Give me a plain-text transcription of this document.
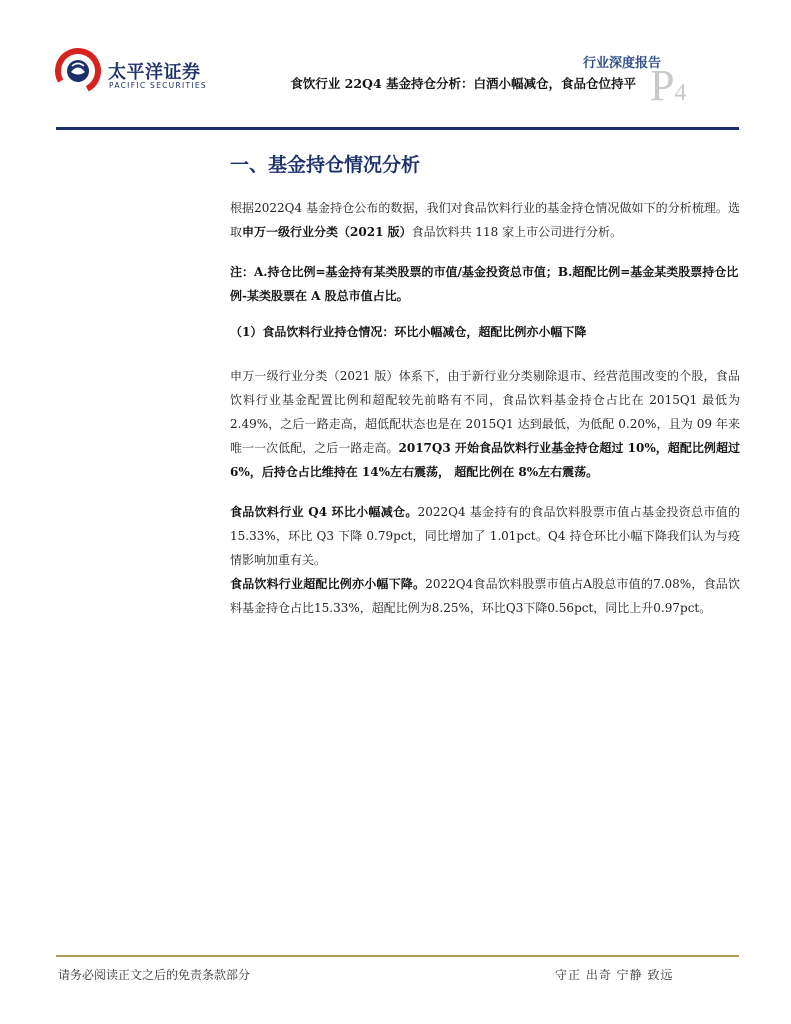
太平洋证券
PACIFIC SECURITIES
行业深度报告
食饮行业 22Q4 基金持仓分析：白酒小幅减仓，食品仓位持平 P4
一、基金持仓情况分析

根据2022Q4 基金持仓公布的数据，我们对食品饮料行业的基金持仓情况做如下的分析梳理。选取申万一级行业分类（2021 版）食品饮料共 118 家上市公司进行分析。

注：A.持仓比例=基金持有某类股票的市值/基金投资总市值；B.超配比例=基金某类股票持仓比例-某类股票在 A 股总市值占比。

（1）食品饮料行业持仓情况：环比小幅减仓，超配比例亦小幅下降

申万一级行业分类（2021 版）体系下，由于新行业分类剔除退市、经营范围改变的个股，食品饮料行业基金配置比例和超配较先前略有不同，食品饮料基金持仓占比在 2015Q1 最低为 2.49%，之后一路走高，超低配状态也是在 2015Q1 达到最低，为低配 0.20%，且为 09 年来唯一一次低配，之后一路走高。2017Q3 开始食品饮料行业基金持仓超过 10%，超配比例超过 6%，后持仓占比维持在 14%左右震荡， 超配比例在 8%左右震荡。

食品饮料行业 Q4 环比小幅减仓。2022Q4 基金持有的食品饮料股票市值占基金投资总市值的 15.33%，环比 Q3 下降 0.79pct，同比增加了 1.01pct。Q4 持仓环比小幅下降我们认为与疫情影响加重有关。

食品饮料行业超配比例亦小幅下降。2022Q4食品饮料股票市值占A股总市值的7.08%，食品饮料基金持仓占比15.33%，超配比例为8.25%，环比Q3下降0.56pct，同比上升0.97pct。

请务必阅读正文之后的免责条款部分	守正 出奇 宁静 致远
